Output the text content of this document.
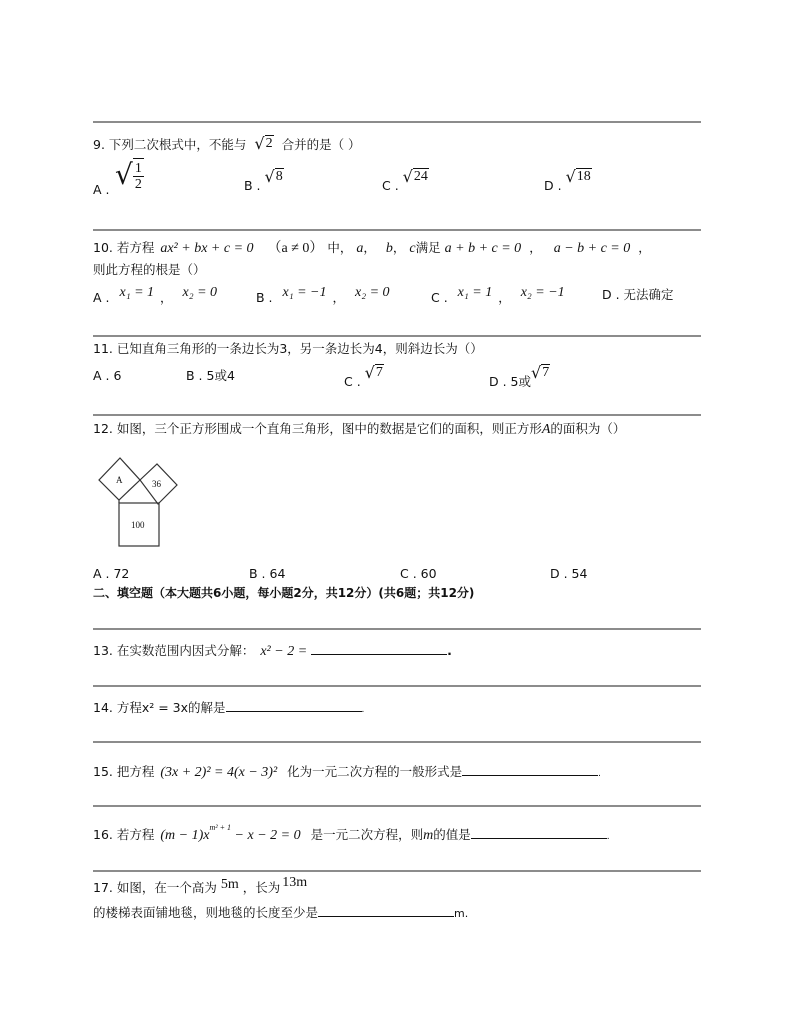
9. 下列二次根式中，不能与 √ 2 合并的是（ ）
A . √ $\frac{1}{2}$	B . √ 8
C . √ 24
D . √ 18
10. 若方程 ax² + bx + c = 0 （a ≠ 0） 中， a， b， c满足 a + b + c = 0 ， a − b + c = 0 ，
则此方程的根是（）
A . x₁ = 1 ， x₂ = 0	B . x₁ = −1 ， x₂ = 0	C . x₁ = 1 ， x₂ = −1	D . 无法确定
11. 已知直角三角形的一条边长为3，另一条边长为4，则斜边长为（）
A . 6	B . 5或4	C . √ 7
D . 5或 √ 7
12. 如图，三个正方形围成一个直角三角形，图中的数据是它们的面积，则正方形A的面积为（）
A	36
100
A . 72	B . 64	C . 60	D . 54
二、填空题（本大题共6小题，每小题2分，共12分）(共6题；共12分)
13. 在实数范围内因式分解： x² − 2 =	.
14. 方程x² = 3x的解是	.
15. 把方程 (3x + 2)² = 4(x − 3)² 化为一元二次方程的一般形式是	.
16. 若方程 $(m - 1)x^{m^2 + 1} - x - 2 = 0$ 是一元二次方程，则m的值是	.
17. 如图，在一个高为 5m ，长为 13m
的楼梯表面铺地毯，则地毯的长度至少是	m.
